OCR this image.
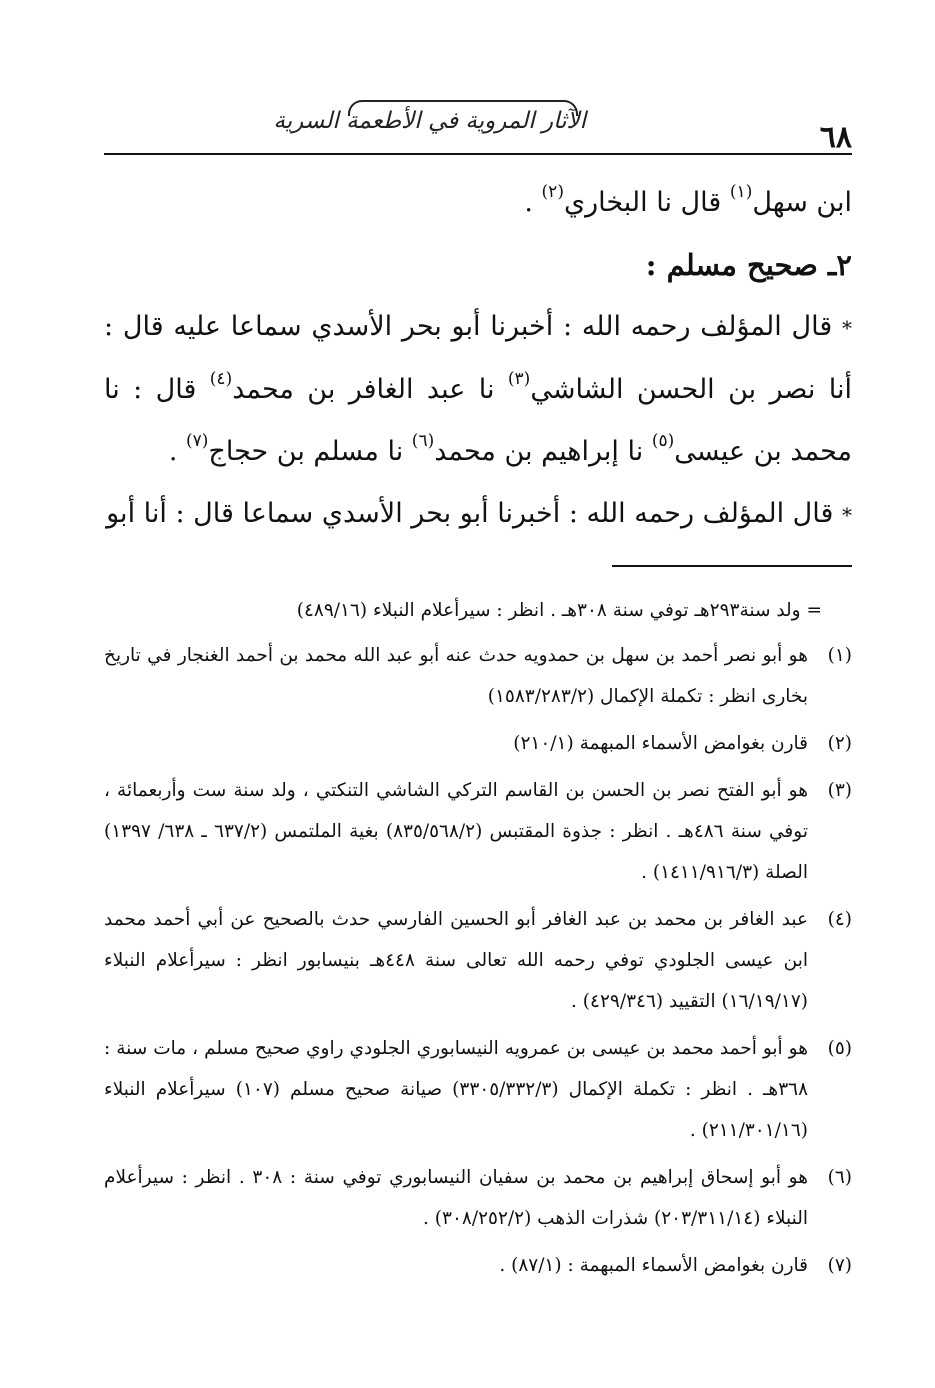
الآثار المروية في الأطعمة السرية	٦٨

ابن سهل$^{(١)}$ قال نا البخاري$^{(٢)}$ .

٢ـ صحيح مسلم :

* قال المؤلف رحمه الله : أخبرنا أبو بحر الأسدي سماعا عليه قال : أنا نصر بن الحسن الشاشي$^{(٣)}$ نا عبد الغافر بن محمد$^{(٤)}$ قال : نا محمد بن عيسى$^{(٥)}$ نا إبراهيم بن محمد$^{(٦)}$ نا مسلم بن حجاج$^{(٧)}$ .

* قال المؤلف رحمه الله : أخبرنا أبو بحر الأسدي سماعا قال : أنا أبو

= ولد سنة٢٩٣هـ توفي سنة ٣٠٨هـ . انظر : سيرأعلام النبلاء (٤٨٩/١٦)

(١)
هو أبو نصر أحمد بن سهل بن حمدويه حدث عنه أبو عبد الله محمد بن أحمد الغنجار في تاريخ بخارى انظر : تكملة الإكمال (١٥٨٣/٢٨٣/٢)
(٢)
قارن بغوامض الأسماء المبهمة (٢١٠/١)
(٣)
هو أبو الفتح نصر بن الحسن بن القاسم التركي الشاشي التنكتي ، ولد سنة ست وأربعمائة ، توفي سنة ٤٨٦هـ . انظر : جذوة المقتبس (٨٣٥/٥٦٨/٢) بغية الملتمس (٦٣٧/٢ ـ ٦٣٨/ ١٣٩٧) الصلة (١٤١١/٩١٦/٣) .
(٤)
عبد الغافر بن محمد بن عبد الغافر أبو الحسين الفارسي حدث بالصحيح عن أبي أحمد محمد ابن عيسى الجلودي توفي رحمه الله تعالى سنة ٤٤٨هـ بنيسابور انظر : سيرأعلام النبلاء (١٦/١٩/١٧) التقييد (٤٢٩/٣٤٦) .
(٥)
هو أبو أحمد محمد بن عيسى بن عمرويه النيسابوري الجلودي راوي صحيح مسلم ، مات سنة : ٣٦٨هـ . انظر : تكملة الإكمال (٣٣٠٥/٣٣٢/٣) صيانة صحيح مسلم (١٠٧) سيرأعلام النبلاء (٢١١/٣٠١/١٦) .
(٦)
هو أبو إسحاق إبراهيم بن محمد بن سفيان النيسابوري توفي سنة : ٣٠٨ . انظر : سيرأعلام النبلاء (٢٠٣/٣١١/١٤) شذرات الذهب (٣٠٨/٢٥٢/٢) .
(٧)
قارن بغوامض الأسماء المبهمة : (٨٧/١) .
